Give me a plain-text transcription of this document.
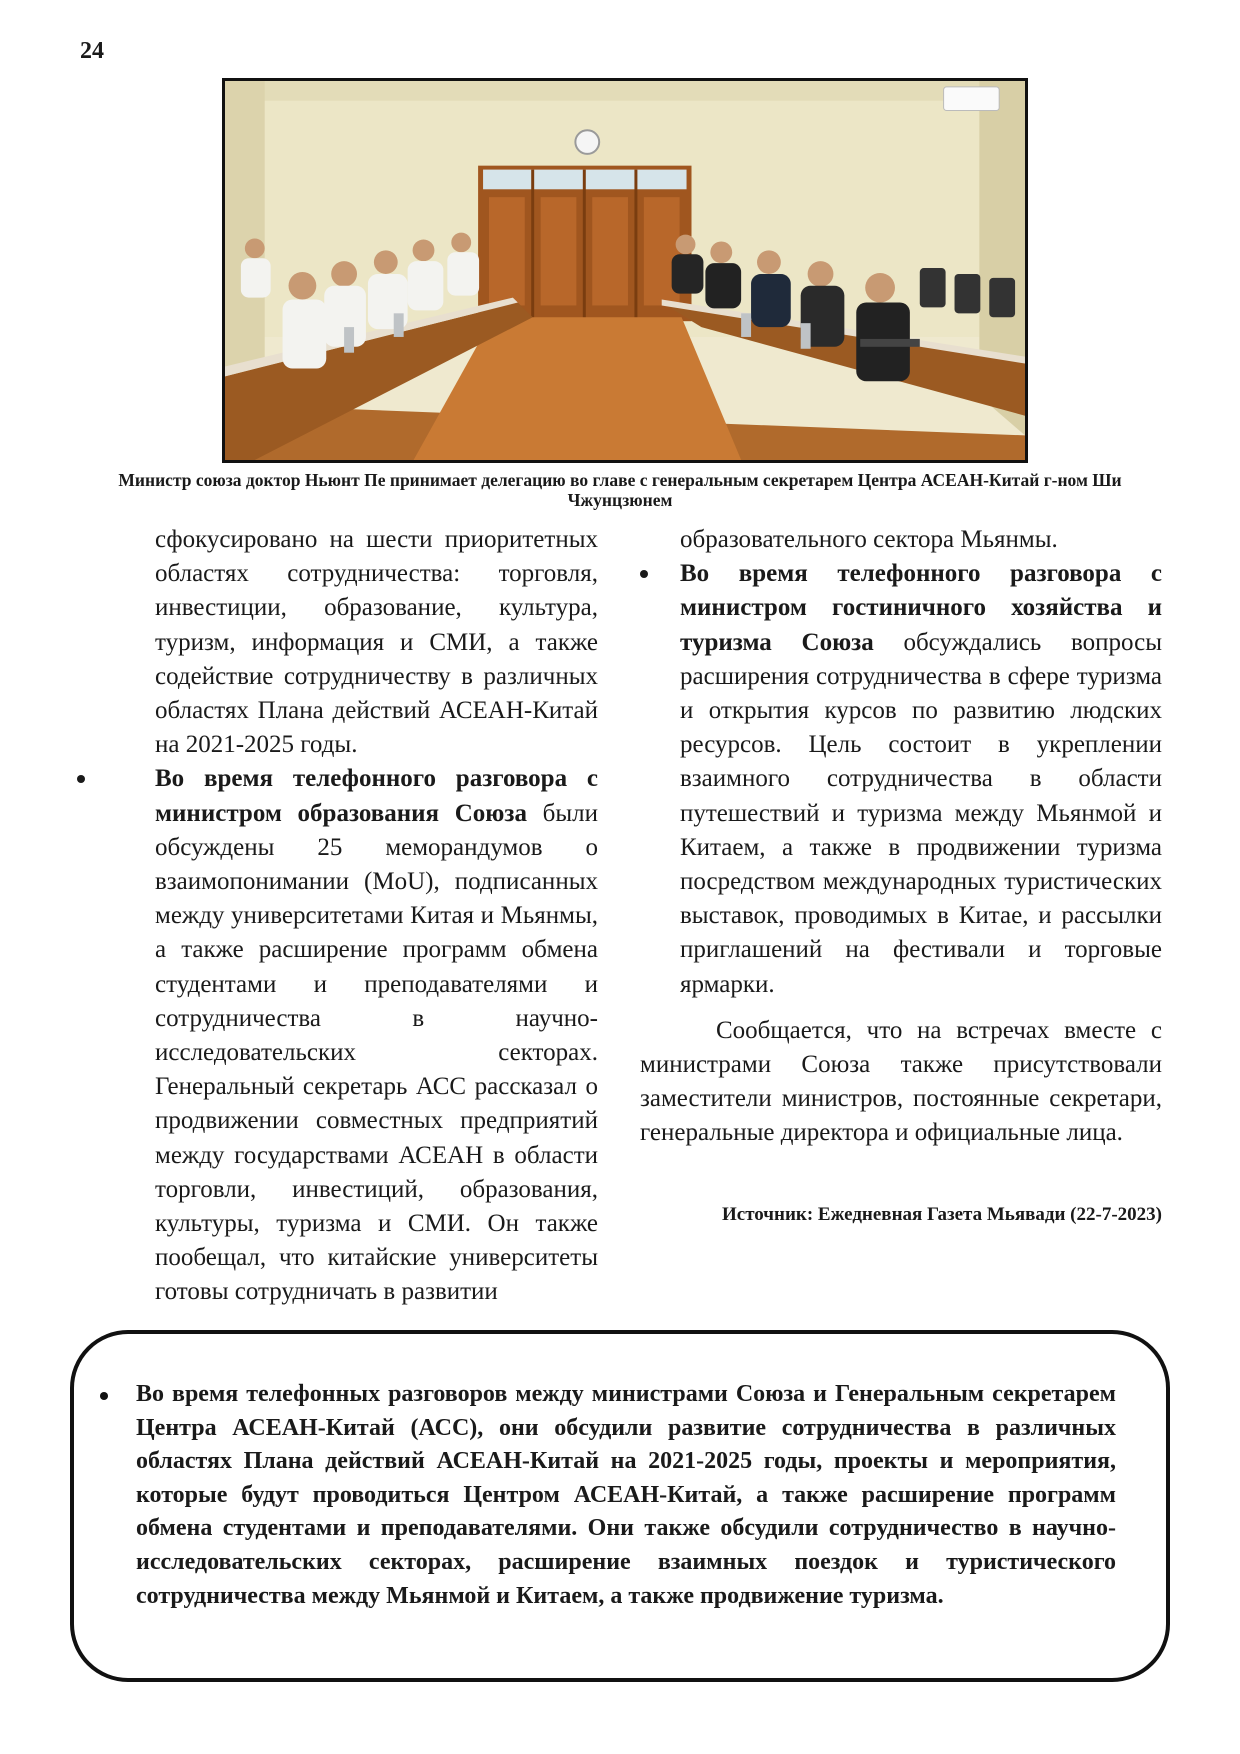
24
Министр союза доктор Ньюнт Пе принимает делегацию во главе с генеральным секретарем Центра АСЕАН-Китай г-ном Ши Чжунцзюнем

сфокусировано на шести приоритетных областях сотрудничества: торговля, инвестиции, образование, культура, туризм, информация и СМИ, а также содействие сотрудничеству в различных областях Плана действий АСЕАН-Китай на 2021-2025 годы.

Во время телефонного разговора с министром образования Союза были обсуждены 25 меморандумов о взаимопонимании (MoU), подписанных между университетами Китая и Мьянмы, а также расширение программ обмена студентами и преподавателями и сотрудничества в научно-исследовательских секторах. Генеральный секретарь АСС рассказал о продвижении совместных предприятий между государствами АСЕАН в области торговли, инвестиций, образования, культуры, туризма и СМИ. Он также пообещал, что китайские университеты готовы сотрудничать в развитии

образовательного сектора Мьянмы.

Во время телефонного разговора с министром гостиничного хозяйства и туризма Союза обсуждались вопросы расширения сотрудничества в сфере туризма и открытия курсов по развитию людских ресурсов. Цель состоит в укреплении взаимного сотрудничества в области путешествий и туризма между Мьянмой и Китаем, а также в продвижении туризма посредством международных туристических выставок, проводимых в Китае, и рассылки приглашений на фестивали и торговые ярмарки.

Сообщается, что на встречах вместе с министрами Союза также присутствовали заместители министров, постоянные секретари, генеральные директора и официальные лица.

Источник: Ежедневная Газета Мьявади (22-7-2023)

Во время телефонных разговоров между министрами Союза и Генеральным секретарем Центра АСЕАН-Китай (АСС), они обсудили развитие сотрудничества в различных областях Плана действий АСЕАН-Китай на 2021-2025 годы, проекты и мероприятия, которые будут проводиться Центром АСЕАН-Китай, а также расширение программ обмена студентами и преподавателями. Они также обсудили сотрудничество в научно-исследовательских секторах, расширение взаимных поездок и туристического сотрудничества между Мьянмой и Китаем, а также продвижение туризма.
